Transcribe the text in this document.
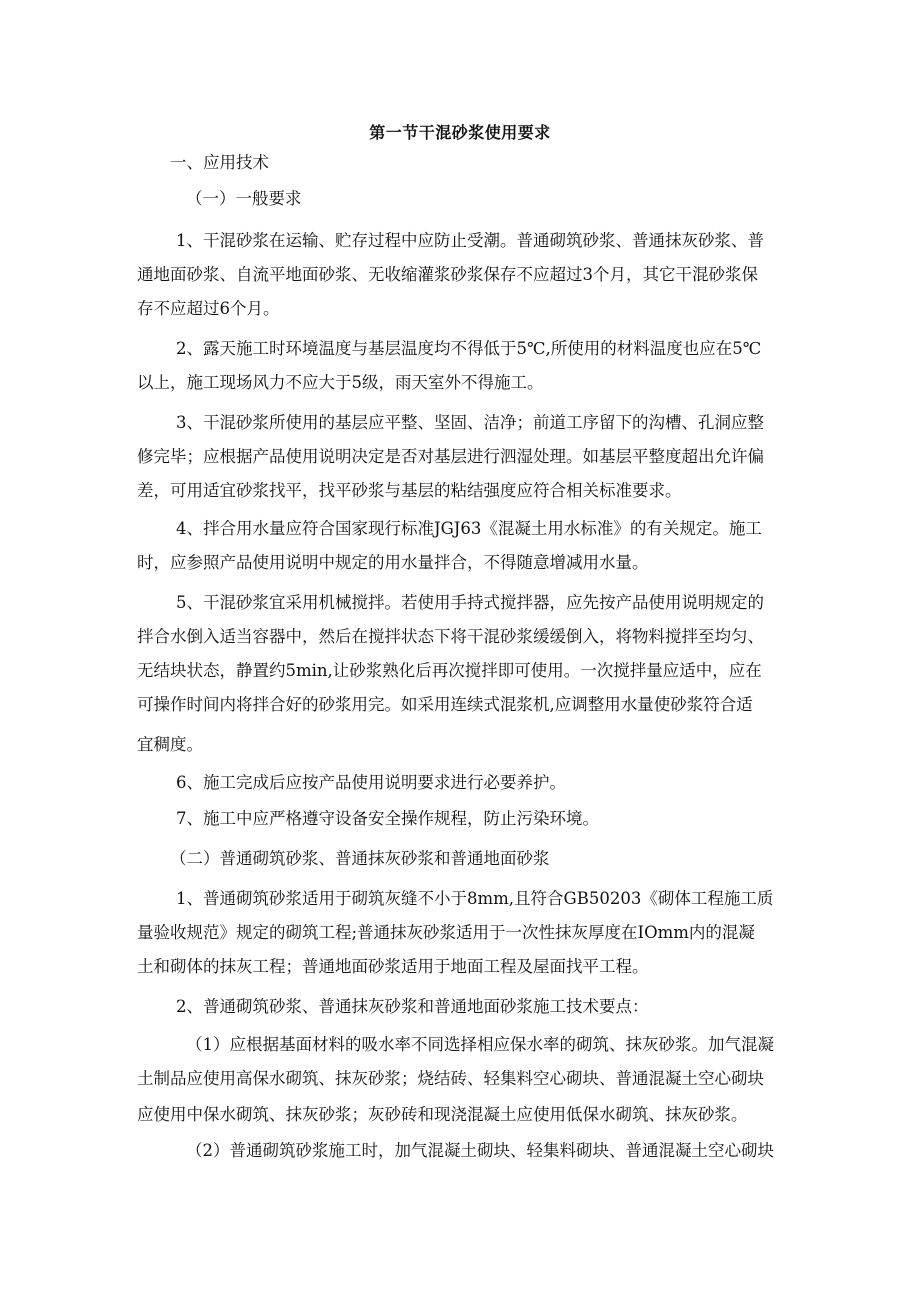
第一节干混砂浆使用要求
一、应用技术
（一）一般要求
1、干混砂浆在运输、贮存过程中应防止受潮。普通砌筑砂浆、普通抹灰砂浆、普
通地面砂浆、自流平地面砂浆、无收缩灌浆砂浆保存不应超过3个月，其它干混砂浆保
存不应超过6个月。
2、露天施工时环境温度与基层温度均不得低于5℃,所使用的材料温度也应在5℃
以上，施工现场风力不应大于5级，雨天室外不得施工。
3、干混砂浆所使用的基层应平整、坚固、洁净；前道工序留下的沟槽、孔洞应整
修完毕；应根据产品使用说明决定是否对基层进行泗湿处理。如基层平整度超出允许偏
差，可用适宜砂浆找平，找平砂浆与基层的粘结强度应符合相关标准要求。
4、拌合用水量应符合国家现行标准JGJ63《混凝土用水标准》的有关规定。施工
时，应参照产品使用说明中规定的用水量拌合，不得随意增减用水量。
5、干混砂浆宜采用机械搅拌。若使用手持式搅拌器，应先按产品使用说明规定的
拌合水倒入适当容器中，然后在搅拌状态下将干混砂浆缓缓倒入，将物料搅拌至均匀、
无结块状态，静置约5min,让砂浆熟化后再次搅拌即可使用。一次搅拌量应适中，应在
可操作时间内将拌合好的砂浆用完。如采用连续式混浆机,应调整用水量使砂浆符合适
宜稠度。
6、施工完成后应按产品使用说明要求进行必要养护。
7、施工中应严格遵守设备安全操作规程，防止污染环境。
（二）普通砌筑砂浆、普通抹灰砂浆和普通地面砂浆
1、普通砌筑砂浆适用于砌筑灰缝不小于8mm,且符合GB50203《砌体工程施工质
量验收规范》规定的砌筑工程;普通抹灰砂浆适用于一次性抹灰厚度在IOmm内的混凝
土和砌体的抹灰工程；普通地面砂浆适用于地面工程及屋面找平工程。
2、普通砌筑砂浆、普通抹灰砂浆和普通地面砂浆施工技术要点：
（1）应根据基面材料的吸水率不同选择相应保水率的砌筑、抹灰砂浆。加气混凝
土制品应使用高保水砌筑、抹灰砂浆；烧结砖、轻集料空心砌块、普通混凝土空心砌块
应使用中保水砌筑、抹灰砂浆；灰砂砖和现浇混凝土应使用低保水砌筑、抹灰砂浆。
（2）普通砌筑砂浆施工时，加气混凝土砌块、轻集料砌块、普通混凝土空心砌块
